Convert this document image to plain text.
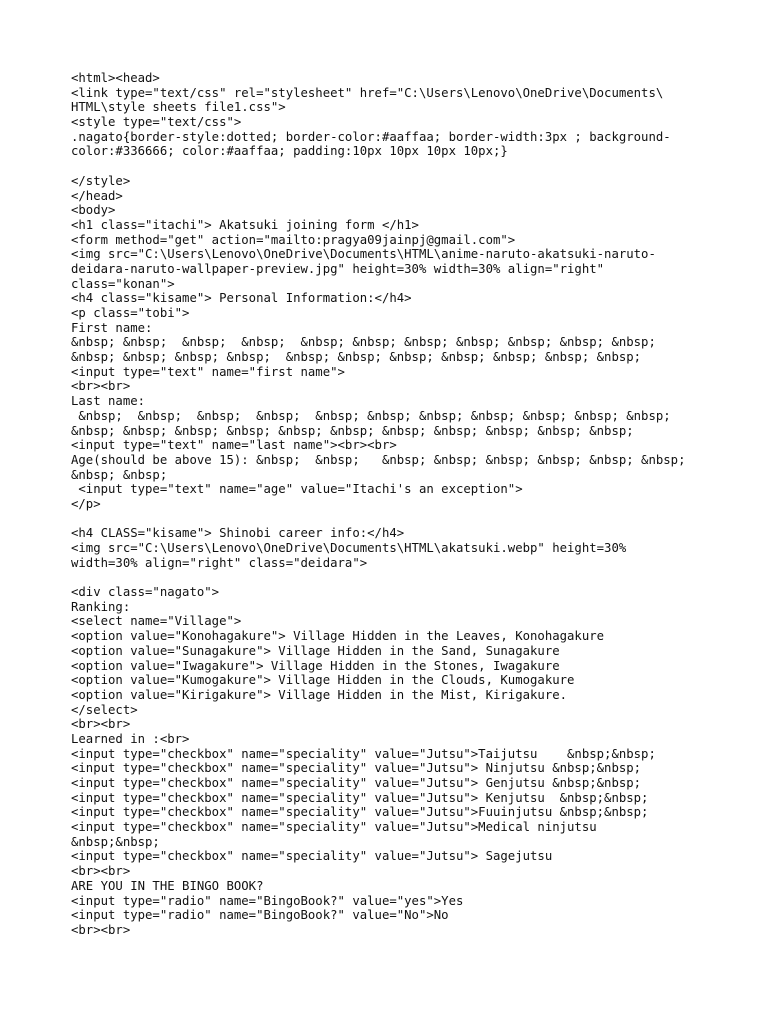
<html><head>
<link type="text/css" rel="stylesheet" href="C:\Users\Lenovo\OneDrive\Documents\
HTML\style sheets file1.css">
<style type="text/css">
.nagato{border-style:dotted; border-color:#aaffaa; border-width:3px ; background-
color:#336666; color:#aaffaa; padding:10px 10px 10px 10px;}
</style>
</head>
<body>
<h1 class="itachi"> Akatsuki joining form </h1>
<form method="get" action="mailto:pragya09jainpj@gmail.com">
<img src="C:\Users\Lenovo\OneDrive\Documents\HTML\anime-naruto-akatsuki-naruto-
deidara-naruto-wallpaper-preview.jpg" height=30% width=30% align="right"
class="konan">
<h4 class="kisame"> Personal Information:</h4>
<p class="tobi">
First name:
&nbsp; &nbsp;  &nbsp;  &nbsp;  &nbsp; &nbsp; &nbsp; &nbsp; &nbsp; &nbsp; &nbsp;
&nbsp; &nbsp; &nbsp; &nbsp;  &nbsp; &nbsp; &nbsp; &nbsp; &nbsp; &nbsp; &nbsp;
<input type="text" name="first name">
<br><br>
Last name:
&nbsp;  &nbsp;  &nbsp;  &nbsp;  &nbsp; &nbsp; &nbsp; &nbsp; &nbsp; &nbsp; &nbsp;
&nbsp; &nbsp; &nbsp; &nbsp; &nbsp; &nbsp; &nbsp; &nbsp; &nbsp; &nbsp; &nbsp;
<input type="text" name="last name"><br><br>
Age(should be above 15): &nbsp;  &nbsp;   &nbsp; &nbsp; &nbsp; &nbsp; &nbsp; &nbsp;
&nbsp; &nbsp;
<input type="text" name="age" value="Itachi's an exception">
</p>
<h4 CLASS="kisame"> Shinobi career info:</h4>
<img src="C:\Users\Lenovo\OneDrive\Documents\HTML\akatsuki.webp" height=30%
width=30% align="right" class="deidara">
<div class="nagato">
Ranking:
<select name="Village">
<option value="Konohagakure"> Village Hidden in the Leaves, Konohagakure
<option value="Sunagakure"> Village Hidden in the Sand, Sunagakure
<option value="Iwagakure"> Village Hidden in the Stones, Iwagakure
<option value="Kumogakure"> Village Hidden in the Clouds, Kumogakure
<option value="Kirigakure"> Village Hidden in the Mist, Kirigakure.
</select>
<br><br>
Learned in :<br>
<input type="checkbox" name="speciality" value="Jutsu">Taijutsu    &nbsp;&nbsp;
<input type="checkbox" name="speciality" value="Jutsu"> Ninjutsu &nbsp;&nbsp;
<input type="checkbox" name="speciality" value="Jutsu"> Genjutsu &nbsp;&nbsp;
<input type="checkbox" name="speciality" value="Jutsu"> Kenjutsu  &nbsp;&nbsp;
<input type="checkbox" name="speciality" value="Jutsu">Fuuinjutsu &nbsp;&nbsp;
<input type="checkbox" name="speciality" value="Jutsu">Medical ninjutsu
&nbsp;&nbsp;
<input type="checkbox" name="speciality" value="Jutsu"> Sagejutsu
<br><br>
ARE YOU IN THE BINGO BOOK?
<input type="radio" name="BingoBook?" value="yes">Yes
<input type="radio" name="BingoBook?" value="No">No
<br><br>
